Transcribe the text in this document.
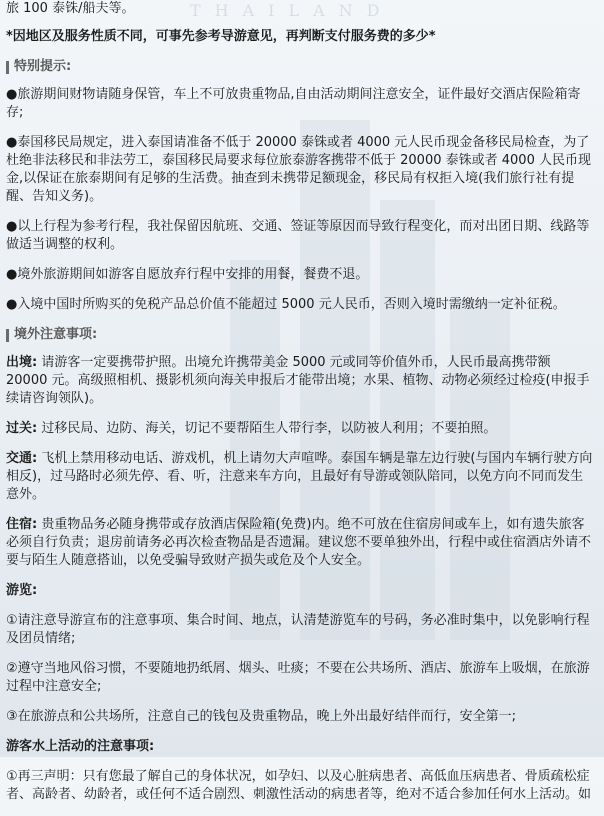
THAILAND

旅 100 泰铢/船夫等。

*因地区及服务性质不同，可事先参考导游意见，再判断支付服务费的多少*

特别提示:

●旅游期间财物请随身保管，车上不可放贵重物品,自由活动期间注意安全，证件最好交酒店保险箱寄存;

●泰国移民局规定，进入泰国请准备不低于 20000 泰铢或者 4000 元人民币现金备移民局检查，为了杜绝非法移民和非法劳工，泰国移民局要求每位旅泰游客携带不低于 20000 泰铢或者 4000 人民币现金,以保证在旅泰期间有足够的生活费。抽查到未携带足额现金，移民局有权拒入境(我们旅行社有提醒、告知义务)。

●以上行程为参考行程，我社保留因航班、交通、签证等原因而导致行程变化，而对出团日期、线路等做适当调整的权利。

●境外旅游期间如游客自愿放弃行程中安排的用餐，餐费不退。

●入境中国时所购买的免税产品总价值不能超过 5000 元人民币，否则入境时需缴纳一定补征税。

境外注意事项:

出境: 请游客一定要携带护照。出境允许携带美金 5000 元或同等价值外币，人民币最高携带额 20000 元。高级照相机、摄影机须向海关申报后才能带出境；水果、植物、动物必须经过检疫(申报手续请咨询领队)。

过关: 过移民局、边防、海关，切记不要帮陌生人带行李，以防被人利用；不要拍照。

交通: 飞机上禁用移动电话、游戏机，机上请勿大声喧哗。泰国车辆是靠左边行驶(与国内车辆行驶方向相反)，过马路时必须先停、看、听，注意来车方向，且最好有导游或领队陪同，以免方向不同而发生意外。

住宿: 贵重物品务必随身携带或存放酒店保险箱(免费)内。绝不可放在住宿房间或车上，如有遗失旅客必须自行负责；退房前请务必再次检查物品是否遗漏。建议您不要单独外出，行程中或住宿酒店外请不要与陌生人随意搭讪，以免受骗导致财产损失或危及个人安全。

游览:

①请注意导游宣布的注意事项、集合时间、地点，认清楚游览车的号码，务必准时集中，以免影响行程及团员情绪;

②遵守当地风俗习惯，不要随地扔纸屑、烟头、吐痰；不要在公共场所、酒店、旅游车上吸烟，在旅游过程中注意安全;

③在旅游点和公共场所，注意自己的钱包及贵重物品，晚上外出最好结伴而行，安全第一;

游客水上活动的注意事项:

①再三声明：只有您最了解自己的身体状况，如孕妇、以及心脏病患者、高低血压病患者、骨质疏松症者、高龄者、幼龄者，或任何不适合剧烈、刺激性活动的病患者等，绝对不适合参加任何水上活动。如
